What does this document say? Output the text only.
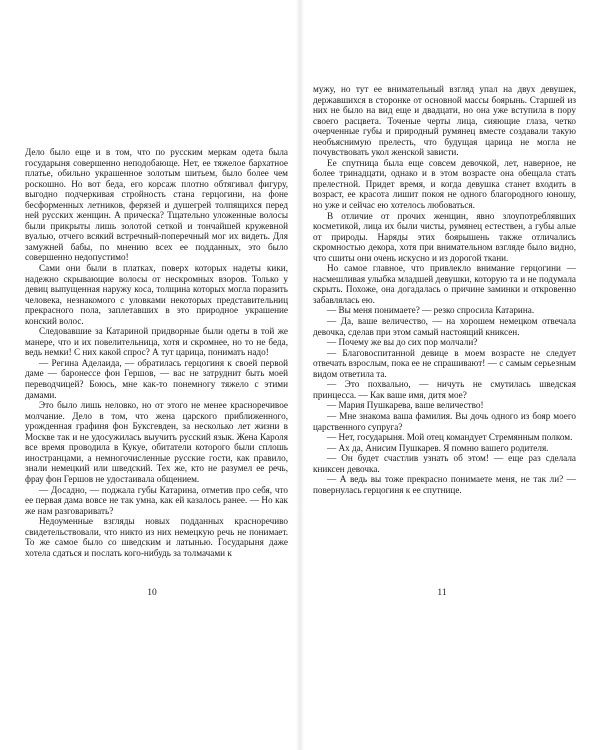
Дело было еще и в том, что по русским меркам одета была государыня совершенно неподобающе. Нет, ее тяжелое бархатное платье, обильно украшенное золотым шитьем, было более чем роскошно. Но вот беда, его корсаж плотно обтягивал фигуру, выгодно подчеркивая стройность стана герцогини, на фоне бесформенных летников, ферязей и душегрей толпящихся перед ней русских женщин. А прическа? Тщательно уложенные волосы были прикрыты лишь золотой сеткой и тончайшей кружевной вуалью, отчего всякий встречный-поперечный мог их видеть. Для замужней бабы, по мнению всех ее подданных, это было совершенно недопустимо!

Сами они были в платках, поверх которых надеты кики, надежно скрывающие волосы от нескромных взоров. Только у девиц выпущенная наружу коса, толщина которых могла поразить человека, незнакомого с уловками некоторых представительниц прекрасного пола, заплетавших в это природное украшение конский волос.

Следовавшие за Катариной придворные были одеты в той же манере, что и их повелительница, хотя и скромнее, но то не беда, ведь немки! С них какой спрос? А тут царица, понимать надо!

— Регина Аделаида, — обратилась герцогиня к своей первой даме — баронессе фон Гершов, — вас не затруднит быть моей переводчицей? Боюсь, мне как-то понемногу тяжело с этими дамами.

Это было лишь неловко, но от этого не менее красноречивое молчание. Дело в том, что жена царского приближенного, урожденная графиня фон Буксгевден, за несколько лет жизни в Москве так и не удосужилась выучить русский язык. Жена Кароля все время проводила в Кукуе, обитатели которого были сплошь иностранцами, а немногочисленные русские гости, как правило, знали немецкий или шведский. Тех же, кто не разумел ее речь, фрау фон Гершов не удостаивала общением.

— Досадно, — поджала губы Катарина, отметив про себя, что ее первая дама вовсе не так умна, как ей казалось ранее. — Но как же нам разговаривать?

Недоуменные взгляды новых подданных красноречиво свидетельствовали, что никто из них немецкую речь не понимает. То же самое было со шведским и латынью. Государыня даже хотела сдаться и послать кого-нибудь за толмачами к

мужу, но тут ее внимательный взгляд упал на двух девушек, державшихся в сторонке от основной массы боярынь. Старшей из них не было на вид еще и двадцати, но она уже вступила в пору своего расцвета. Точеные черты лица, сияющие глаза, четко очерченные губы и природный румянец вместе создавали такую необъяснимую прелесть, что будущая царица не могла не почувствовать укол женской зависти.

Ее спутница была еще совсем девочкой, лет, наверное, не более тринадцати, однако и в этом возрасте она обещала стать прелестной. Придет время, и когда девушка станет входить в возраст, ее красота лишит покоя не одного благородного юношу, но уже и сейчас ею хотелось любоваться.

В отличие от прочих женщин, явно злоупотреблявших косметикой, лица их были чисты, румянец естествен, а губы алые от природы. Наряды этих боярышень также отличались скромностью декора, хотя при внимательном взгляде было видно, что сшиты они очень искусно и из дорогой ткани.

Но самое главное, что привлекло внимание герцогини — насмешливая улыбка младшей девушки, которую та и не подумала скрыть. Похоже, она догадалась о причине заминки и откровенно забавлялась ею.

— Вы меня понимаете? — резко спросила Катарина.

— Да, ваше величество, — на хорошем немецком отвечала девочка, сделав при этом самый настоящий книксен.

— Почему же вы до сих пор молчали?

— Благовоспитанной девице в моем возрасте не следует отвечать взрослым, пока ее не спрашивают! — с самым серьезным видом ответила та.

— Это похвально, — ничуть не смутилась шведская принцесса. — Как ваше имя, дитя мое?

— Мария Пушкарева, ваше величество!

— Мне знакома ваша фамилия. Вы дочь одного из бояр моего царственного супруга?

— Нет, государыня. Мой отец командует Стремянным полком.

— Ах да, Анисим Пушкарев. Я помню вашего родителя.

— Он будет счастлив узнать об этом! — еще раз сделала книксен девочка.

— А ведь вы тоже прекрасно понимаете меня, не так ли? — повернулась герцогиня к ее спутнице.

10	11
